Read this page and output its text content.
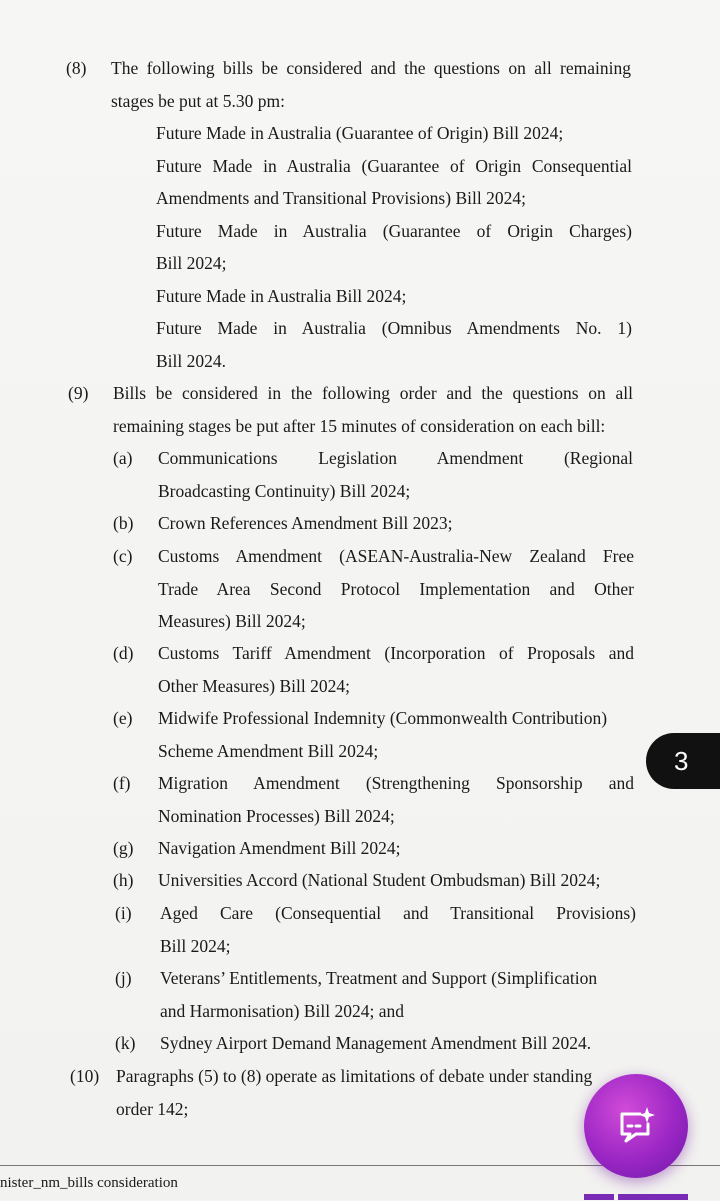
(8) The following bills be considered and the questions on all remaining
stages be put at 5.30 pm:
Future Made in Australia (Guarantee of Origin) Bill 2024;
Future Made in Australia (Guarantee of Origin Consequential
Amendments and Transitional Provisions) Bill 2024;
Future Made in Australia (Guarantee of Origin Charges)
Bill 2024;
Future Made in Australia Bill 2024;
Future Made in Australia (Omnibus Amendments No. 1)
Bill 2024.
(9) Bills be considered in the following order and the questions on all
remaining stages be put after 15 minutes of consideration on each bill:
(a) Communications Legislation Amendment (Regional
Broadcasting Continuity) Bill 2024;
(b) Crown References Amendment Bill 2023;
(c) Customs Amendment (ASEAN-Australia-New Zealand Free
Trade Area Second Protocol Implementation and Other
Measures) Bill 2024;
(d) Customs Tariff Amendment (Incorporation of Proposals and
Other Measures) Bill 2024;
(e) Midwife Professional Indemnity (Commonwealth Contribution)
Scheme Amendment Bill 2024;
(f) Migration Amendment (Strengthening Sponsorship and
Nomination Processes) Bill 2024;
(g) Navigation Amendment Bill 2024;
(h) Universities Accord (National Student Ombudsman) Bill 2024;
(i) Aged Care (Consequential and Transitional Provisions)
Bill 2024;
(j) Veterans’ Entitlements, Treatment and Support (Simplification
and Harmonisation) Bill 2024; and
(k) Sydney Airport Demand Management Amendment Bill 2024.
(10) Paragraphs (5) to (8) operate as limitations of debate under standing
order 142;
nister_nm_bills consideration
3
